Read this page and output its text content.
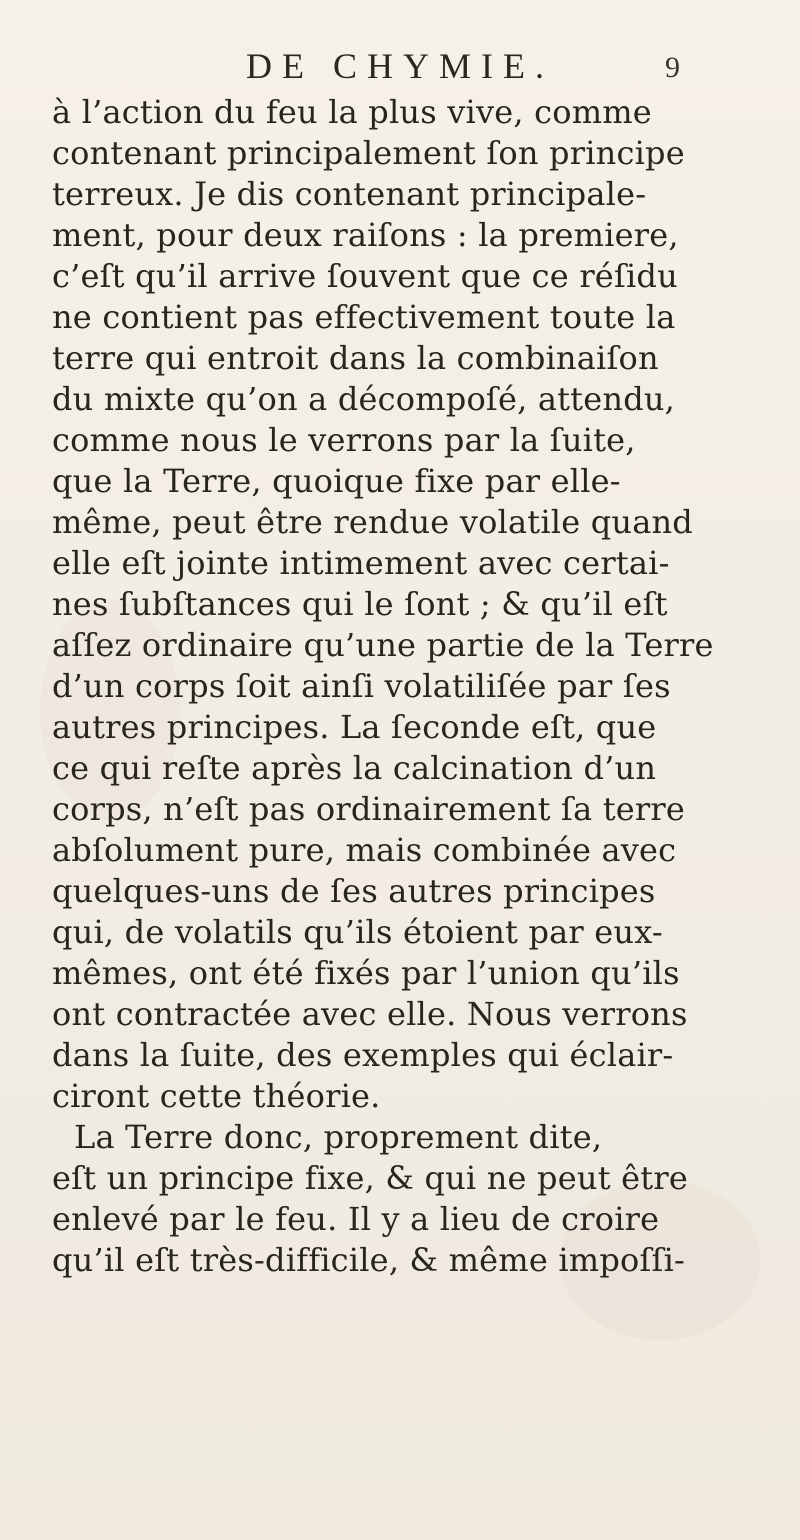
DE CHYMIE.	9
à l’action du feu la plus vive, comme
contenant principalement ſon principe
terreux. Je dis contenant principale-
ment, pour deux raiſons : la premiere,
c’eſt qu’il arrive ſouvent que ce réſidu
ne contient pas effectivement toute la
terre qui entroit dans la combinaiſon
du mixte qu’on a décompoſé, attendu,
comme nous le verrons par la ſuite,
que la Terre, quoique fixe par elle-
même, peut être rendue volatile quand
elle eſt jointe intimement avec certai-
nes ſubſtances qui le ſont ; & qu’il eſt
aſſez ordinaire qu’une partie de la Terre
d’un corps ſoit ainſi volatiliſée par ſes
autres principes. La ſeconde eſt, que
ce qui reſte après la calcination d’un
corps, n’eſt pas ordinairement ſa terre
abſolument pure, mais combinée avec
quelques-uns de ſes autres principes
qui, de volatils qu’ils étoient par eux-
mêmes, ont été fixés par l’union qu’ils
ont contractée avec elle. Nous verrons
dans la ſuite, des exemples qui éclair-
ciront cette théorie.
La Terre donc, proprement dite,
eſt un principe fixe, & qui ne peut être
enlevé par le feu. Il y a lieu de croire
qu’il eſt très-difficile, & même impoſſi-
